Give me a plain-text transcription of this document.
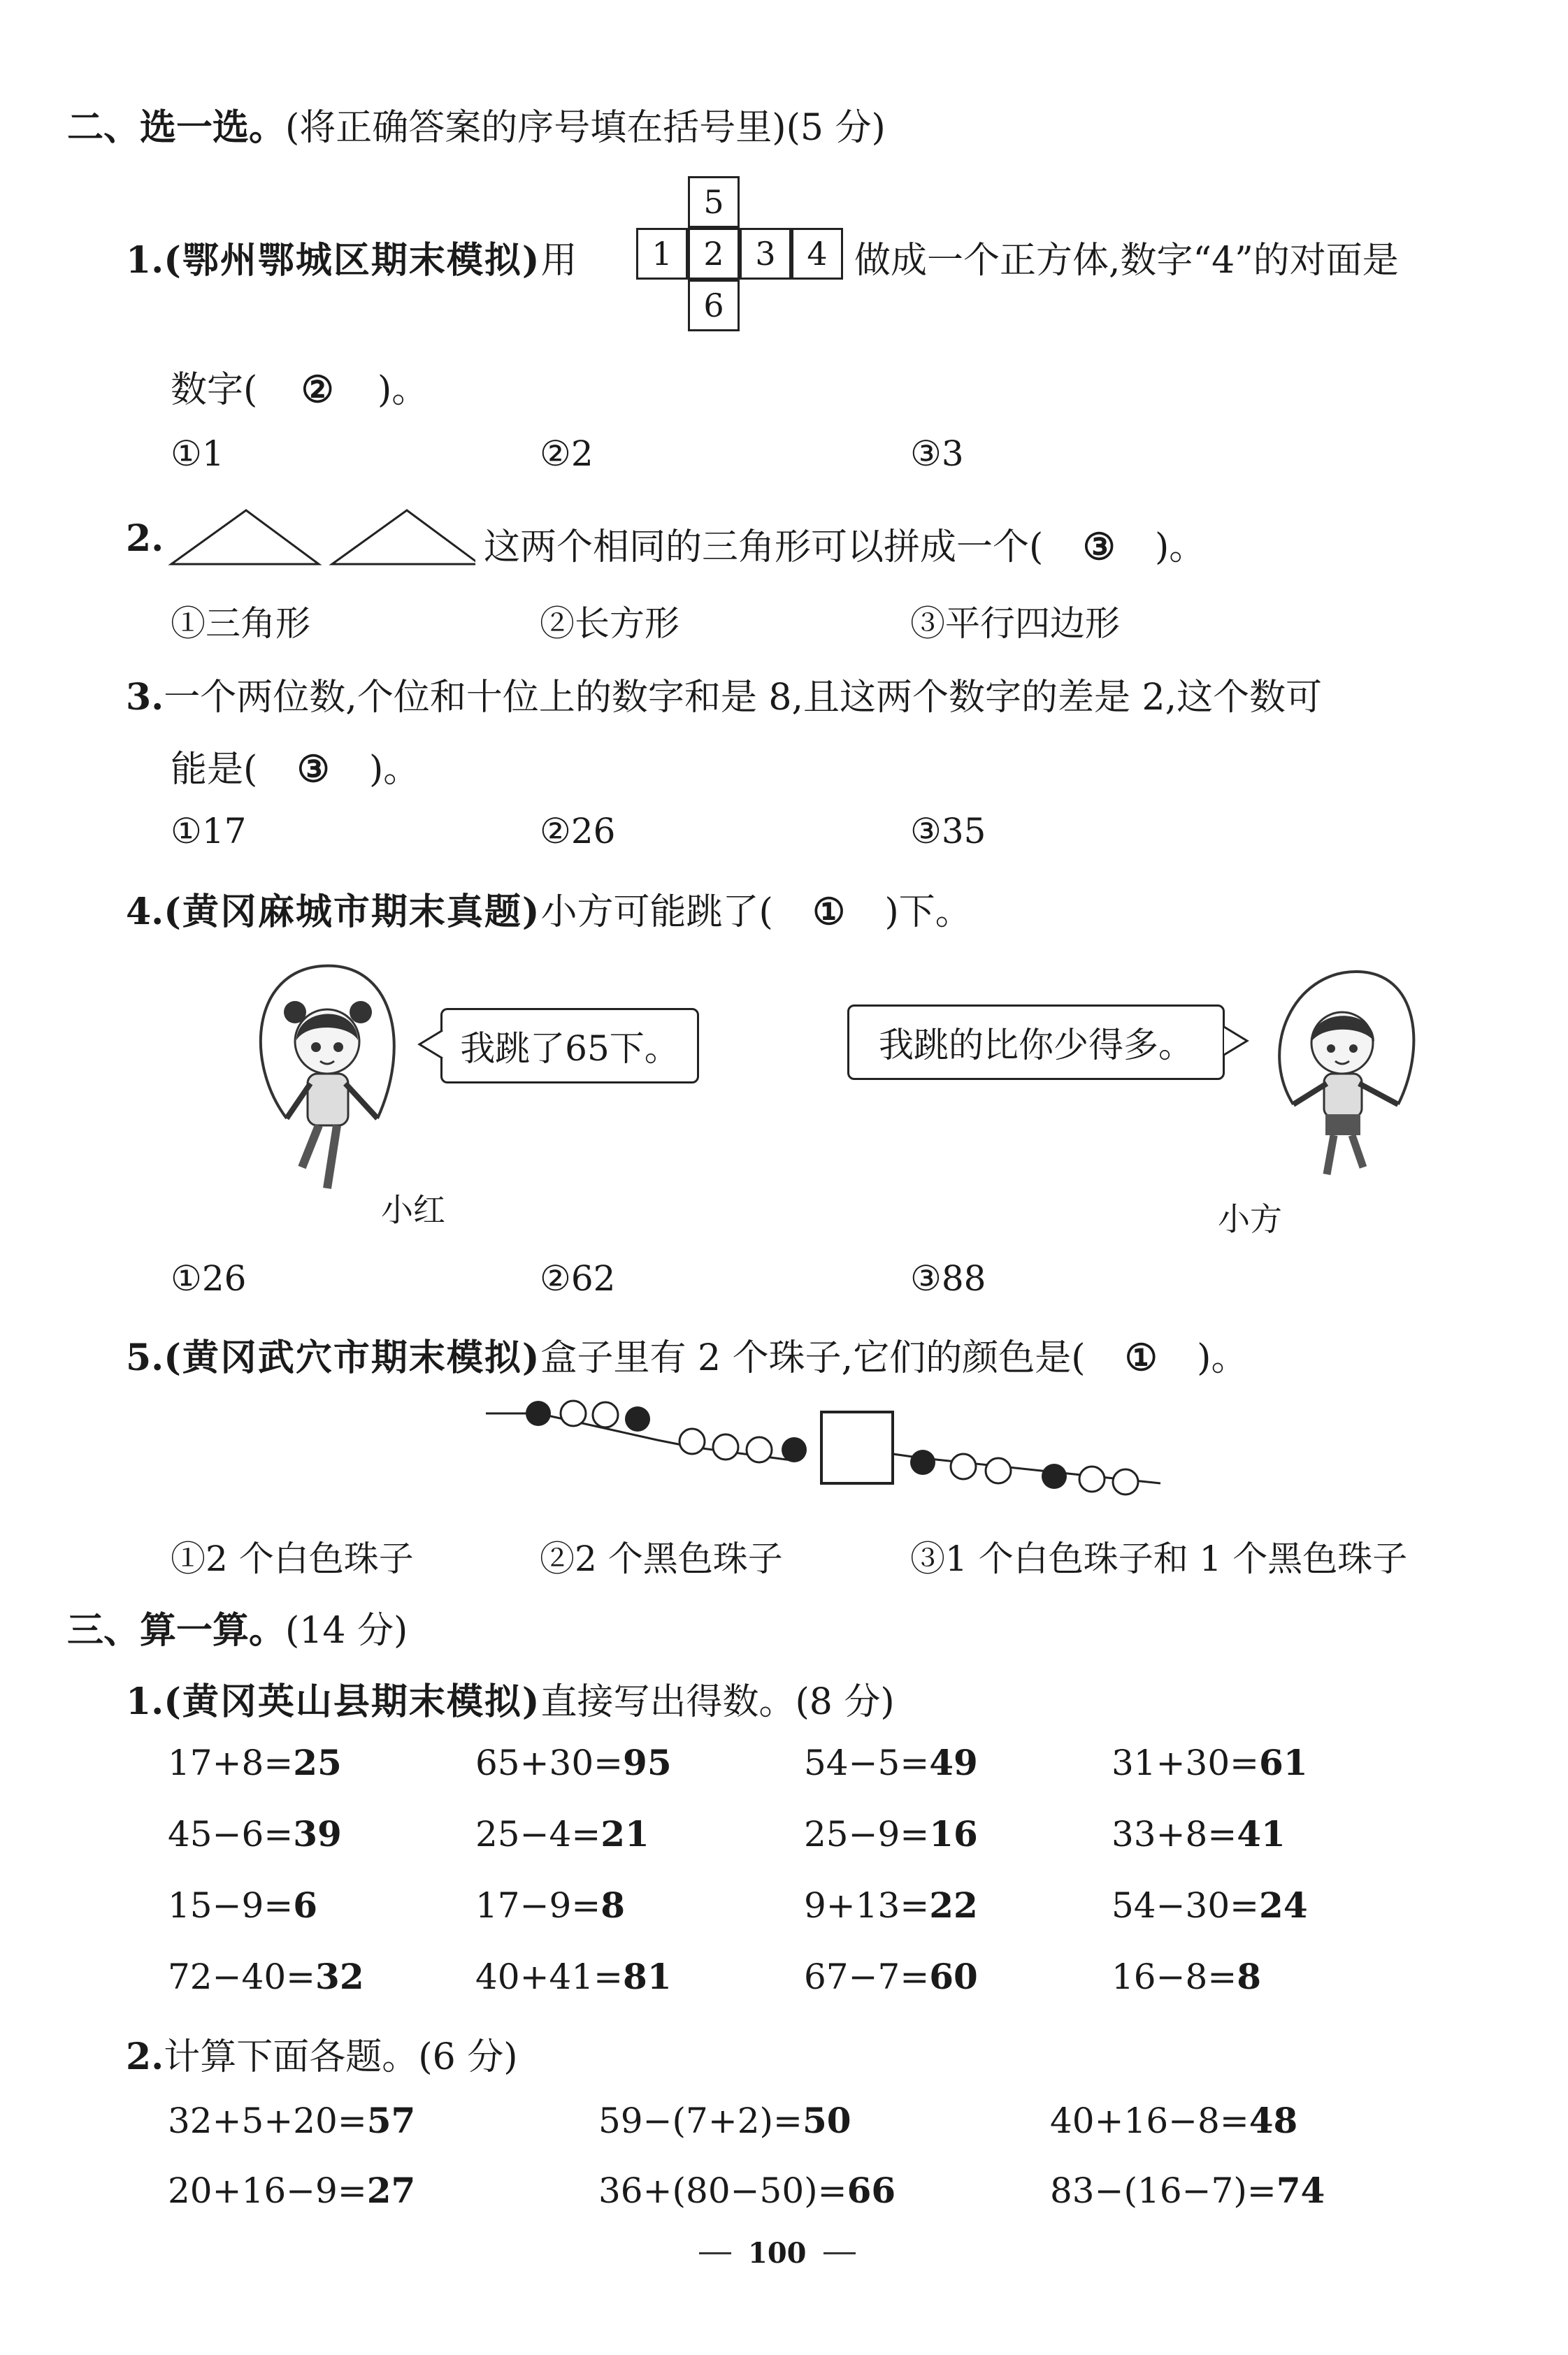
二、选一选。(将正确答案的序号填在括号里)(5 分)
1.(鄂州鄂城区期末模拟)用
5
1 2 3 4
6
做成一个正方体,数字“4”的对面是
数字( ② )。
①1	②2	③3
2.	这两个相同的三角形可以拼成一个( ③ )。
①三角形	②长方形	③平行四边形
3.一个两位数,个位和十位上的数字和是 8,且这两个数字的差是 2,这个数可
能是( ③ )。
①17	②26	③35
4.(黄冈麻城市期末真题)小方可能跳了( ① )下。
小红
我跳了65下。	我跳的比你少得多。
小方
①26	②62	③88
5.(黄冈武穴市期末模拟)盒子里有 2 个珠子,它们的颜色是( ① )。
①2 个白色珠子	②2 个黑色珠子	③1 个白色珠子和 1 个黑色珠子
三、算一算。(14 分)
1.(黄冈英山县期末模拟)直接写出得数。(8 分)
17+8=25	65+30=95	54−5=49	31+30=61
45−6=39	25−4=21	25−9=16	33+8=41
15−9=6	17−9=8	9+13=22	54−30=24
72−40=32	40+41=81	67−7=60	16−8=8
2.计算下面各题。(6 分)
32+5+20=57	59−(7+2)=50	40+16−8=48
20+16−9=27	36+(80−50)=66	83−(16−7)=74
100
